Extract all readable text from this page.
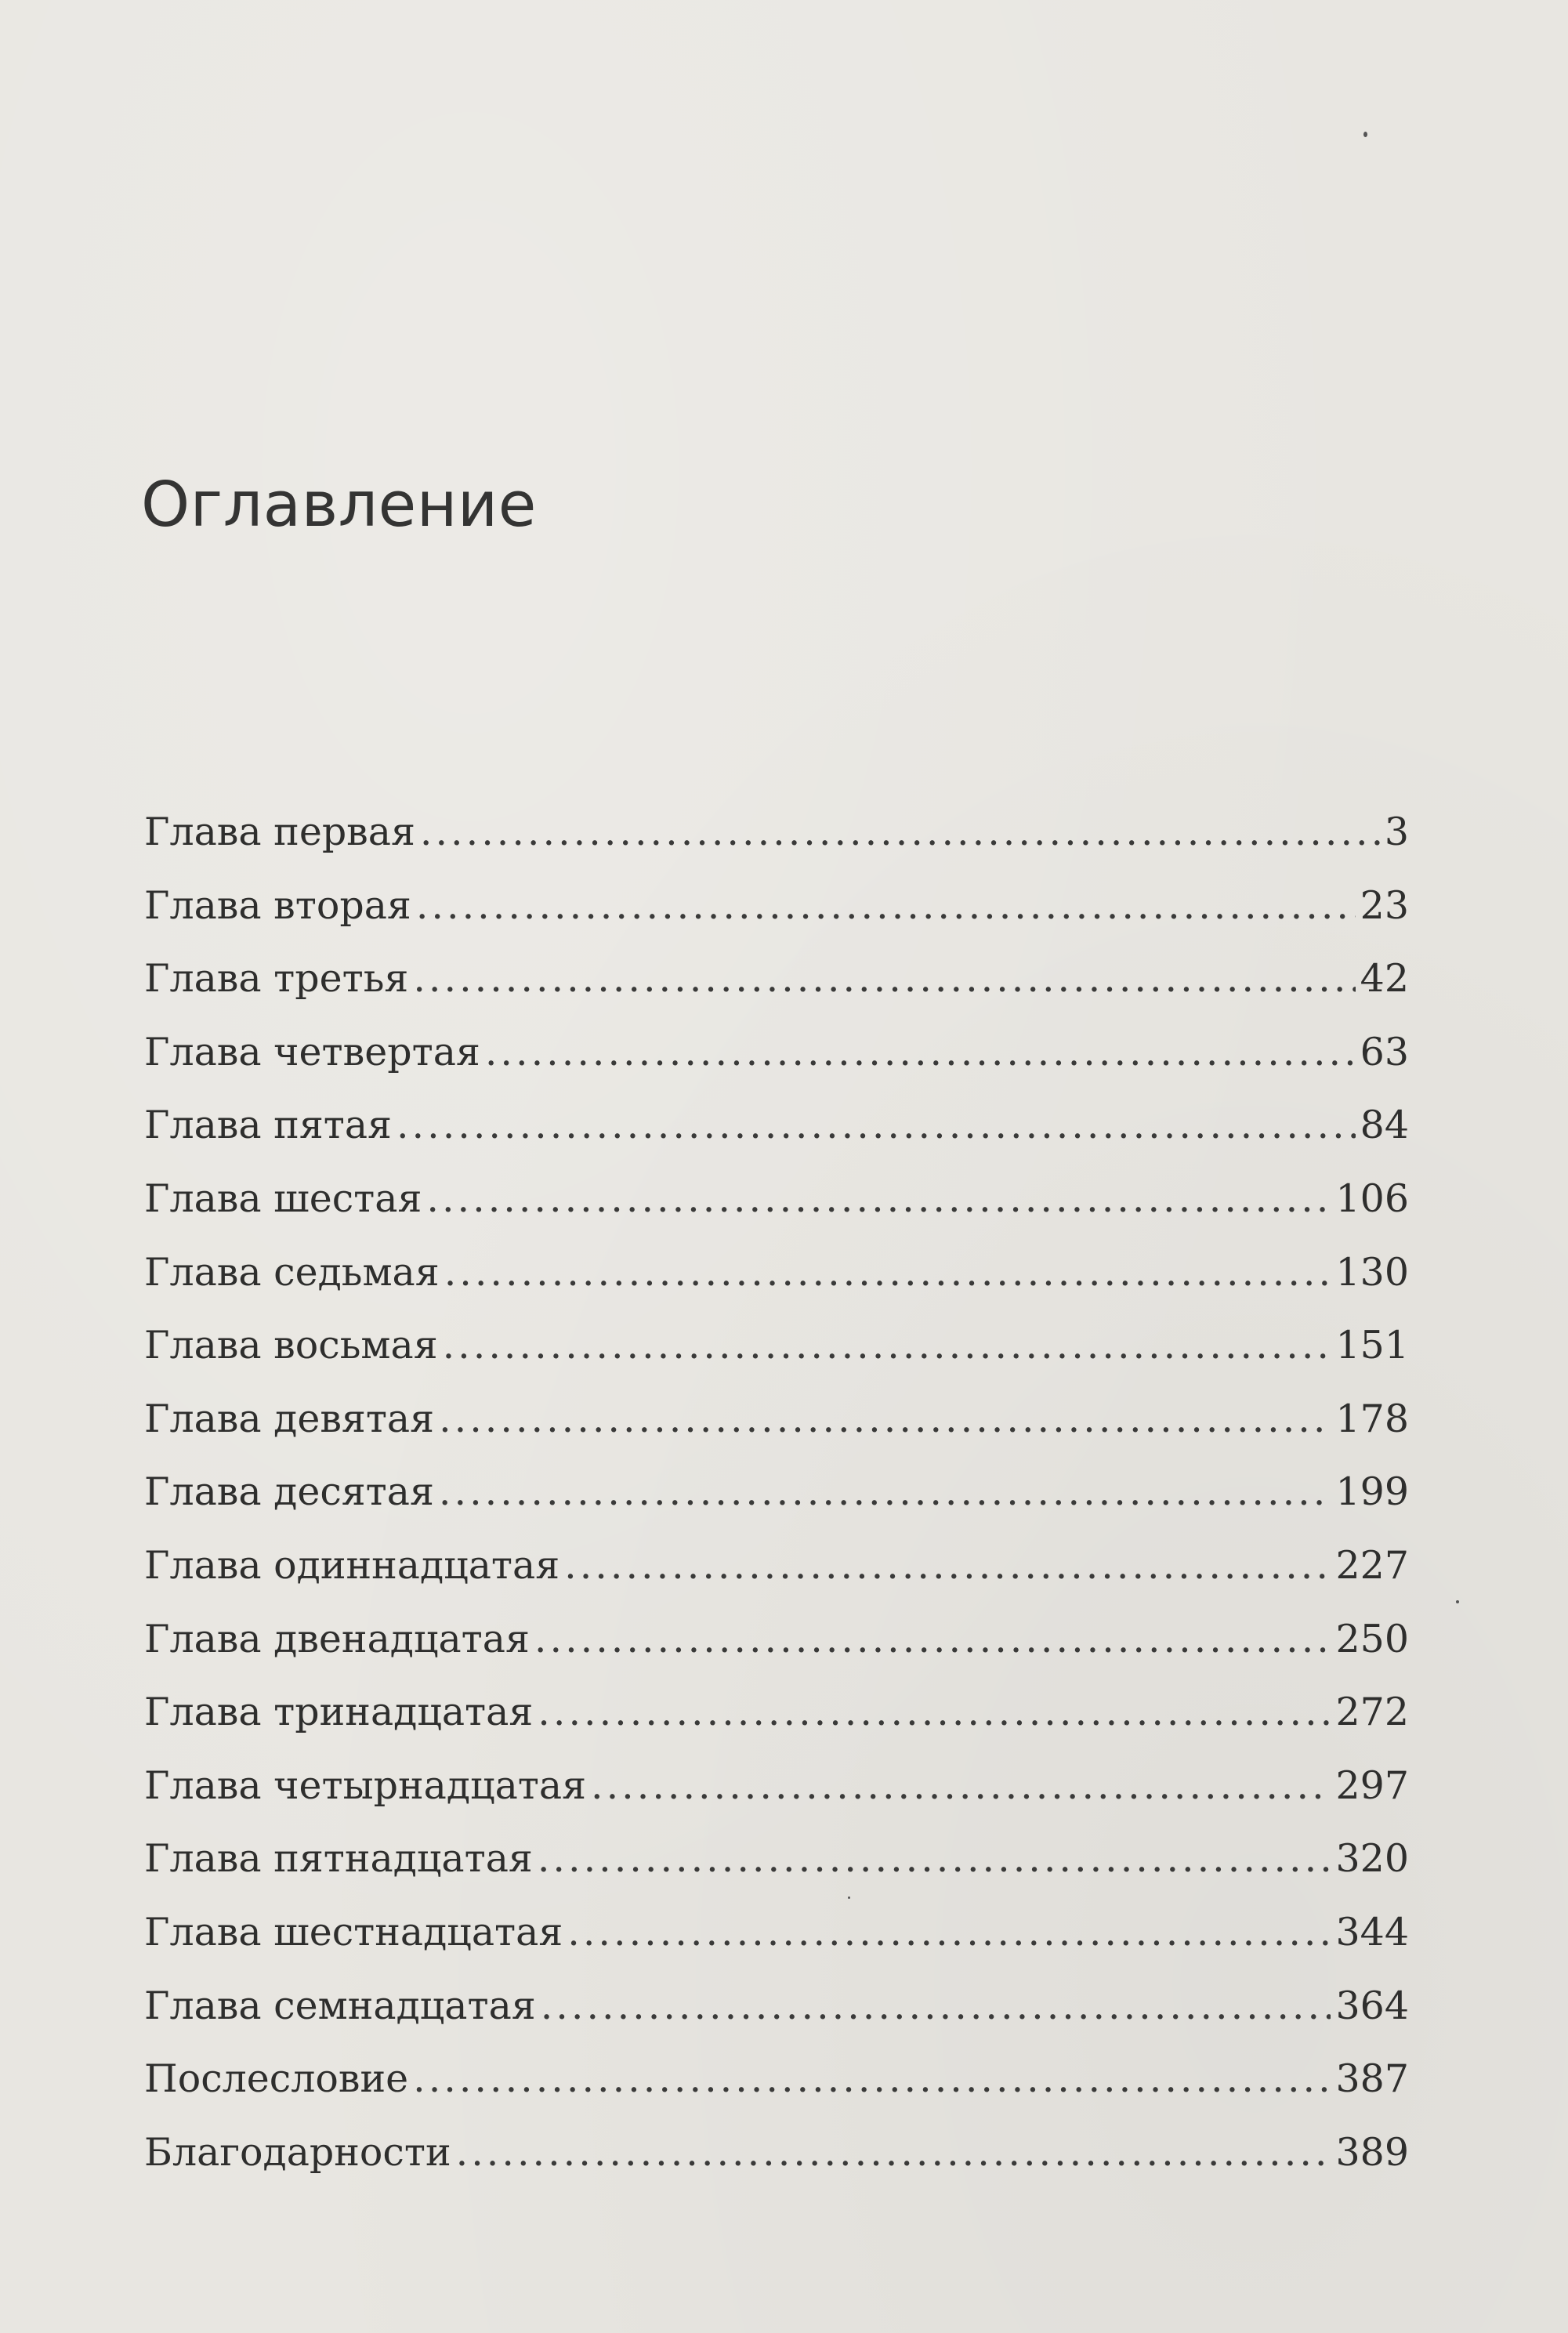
Оглавление
Глава первая .....	3
Глава вторая .....	23
Глава третья .....	42
Глава четвертая .....	63
Глава пятая .....	84
Глава шестая .....	106
Глава седьмая .....	130
Глава восьмая .....	151
Глава девятая .....	178
Глава десятая .....	199
Глава одиннадцатая .....	227
Глава двенадцатая .....	250
Глава тринадцатая .....	272
Глава четырнадцатая .....	297
Глава пятнадцатая .....	320
Глава шестнадцатая .....	344
Глава семнадцатая .....	364
Послесловие .....	387
Благодарности .....	389
